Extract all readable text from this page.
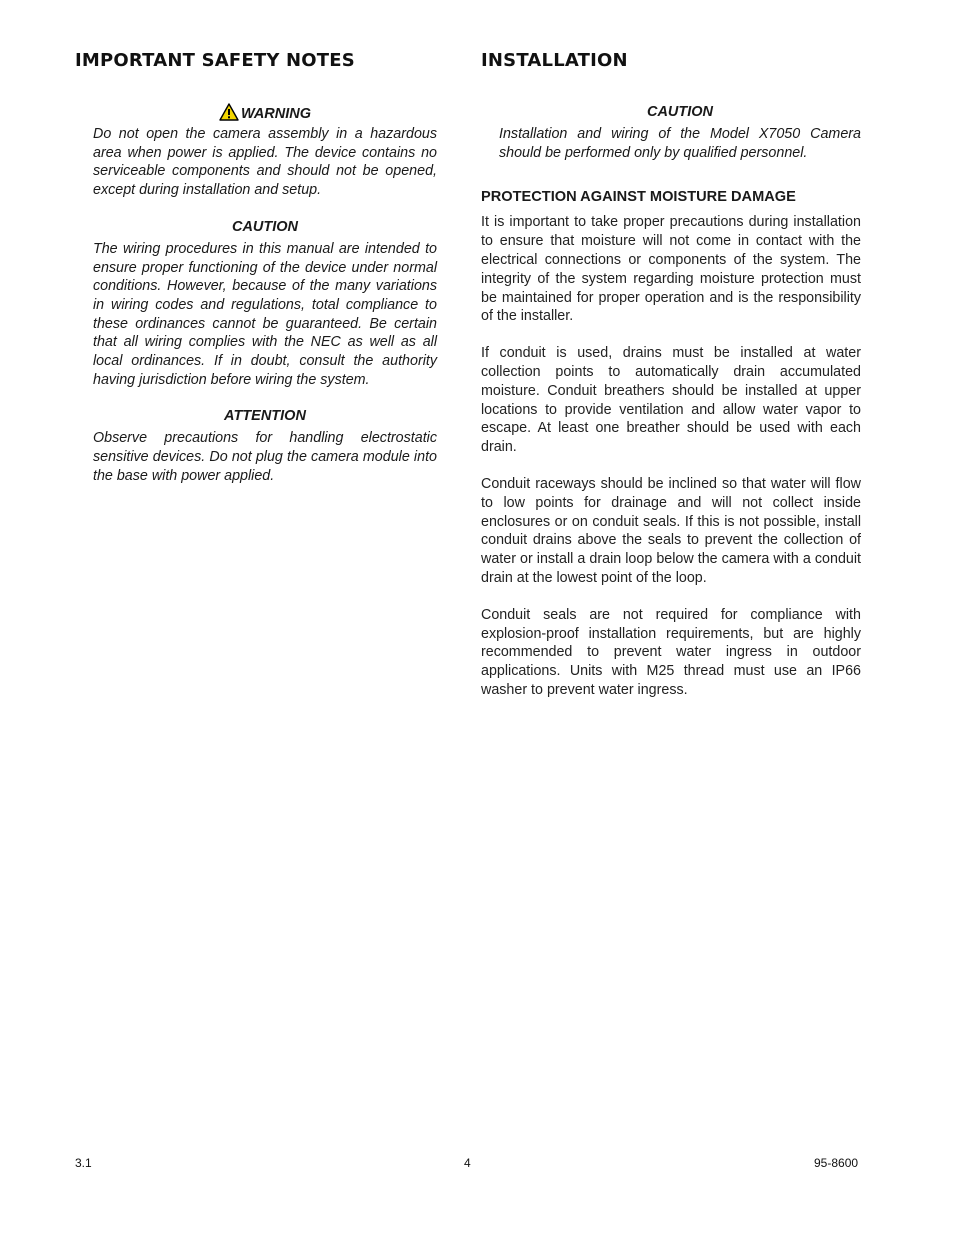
IMPORTANT SAFETY NOTES
WARNING

Do not open the camera assembly in a hazardous area when power is applied. The device contains no serviceable components and should not be opened, except during installation and setup.

CAUTION

The wiring procedures in this manual are intended to ensure proper functioning of the device under normal conditions. However, because of the many variations in wiring codes and regulations, total compliance to these ordinances cannot be guaranteed. Be certain that all wiring complies with the NEC as well as all local ordinances. If in doubt, consult the authority having jurisdiction before wiring the system.

ATTENTION

Observe precautions for handling electrostatic sensitive devices. Do not plug the camera module into the base with power applied.

INSTALLATION
CAUTION

Installation and wiring of the Model X7050 Camera should be performed only by qualified personnel.

PROTECTION AGAINST MOISTURE DAMAGE

It is important to take proper precautions during installation to ensure that moisture will not come in contact with the electrical connections or components of the system. The integrity of the system regarding moisture protection must be maintained for proper operation and is the responsibility of the installer.

If conduit is used, drains must be installed at water collection points to automatically drain accumulated moisture. Conduit breathers should be installed at upper locations to provide ventilation and allow water vapor to escape. At least one breather should be used with each drain.

Conduit raceways should be inclined so that water will flow to low points for drainage and will not collect inside enclosures or on conduit seals. If this is not possible, install conduit drains above the seals to prevent the collection of water or install a drain loop below the camera with a conduit drain at the lowest point of the loop.

Conduit seals are not required for compliance with explosion-proof installation requirements, but are highly recommended to prevent water ingress in outdoor applications. Units with M25 thread must use an IP66 washer to prevent water ingress.

3.1	4	95-8600
